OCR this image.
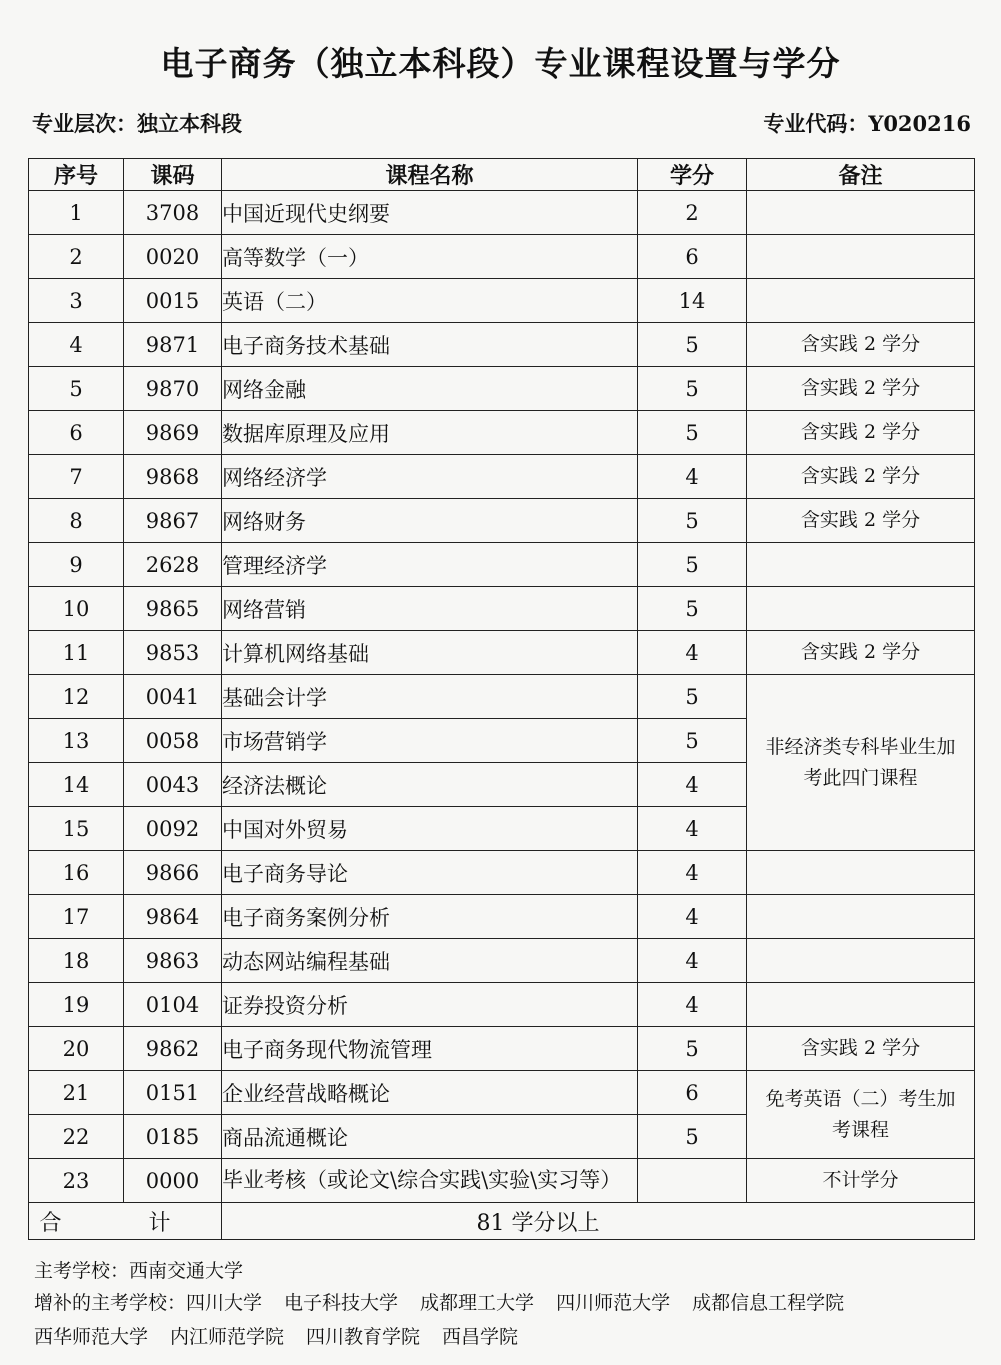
电子商务（独立本科段）专业课程设置与学分
专业层次：独立本科段	专业代码：Y020216
序号	课码	课程名称	学分	备注
1	3708	中国近现代史纲要	2	
2	0020	高等数学（一）	6	
3	0015	英语（二）	14	
4	9871	电子商务技术基础	5	含实践 2 学分
5	9870	网络金融	5	含实践 2 学分
6	9869	数据库原理及应用	5	含实践 2 学分
7	9868	网络经济学	4	含实践 2 学分
8	9867	网络财务	5	含实践 2 学分
9	2628	管理经济学	5	
10	9865	网络营销	5	
11	9853	计算机网络基础	4	含实践 2 学分
12	0041	基础会计学	5	非经济类专科毕业生加考此四门课程
13	0058	市场营销学	5	
14	0043	经济法概论	4	
15	0092	中国对外贸易	4	
16	9866	电子商务导论	4	
17	9864	电子商务案例分析	4	
18	9863	动态网站编程基础	4	
19	0104	证券投资分析	4	
20	9862	电子商务现代物流管理	5	含实践 2 学分
21	0151	企业经营战略概论	6	免考英语（二）考生加考课程
22	0185	商品流通概论	5	
23	0000	毕业考核（或论文\综合实践\实验\实习等）		不计学分
合 计		81 学分以上		
主考学校：西南交通大学
增补的主考学校：四川大学 电子科技大学 成都理工大学 四川师范大学 成都信息工程学院
西华师范大学 内江师范学院 四川教育学院 西昌学院
